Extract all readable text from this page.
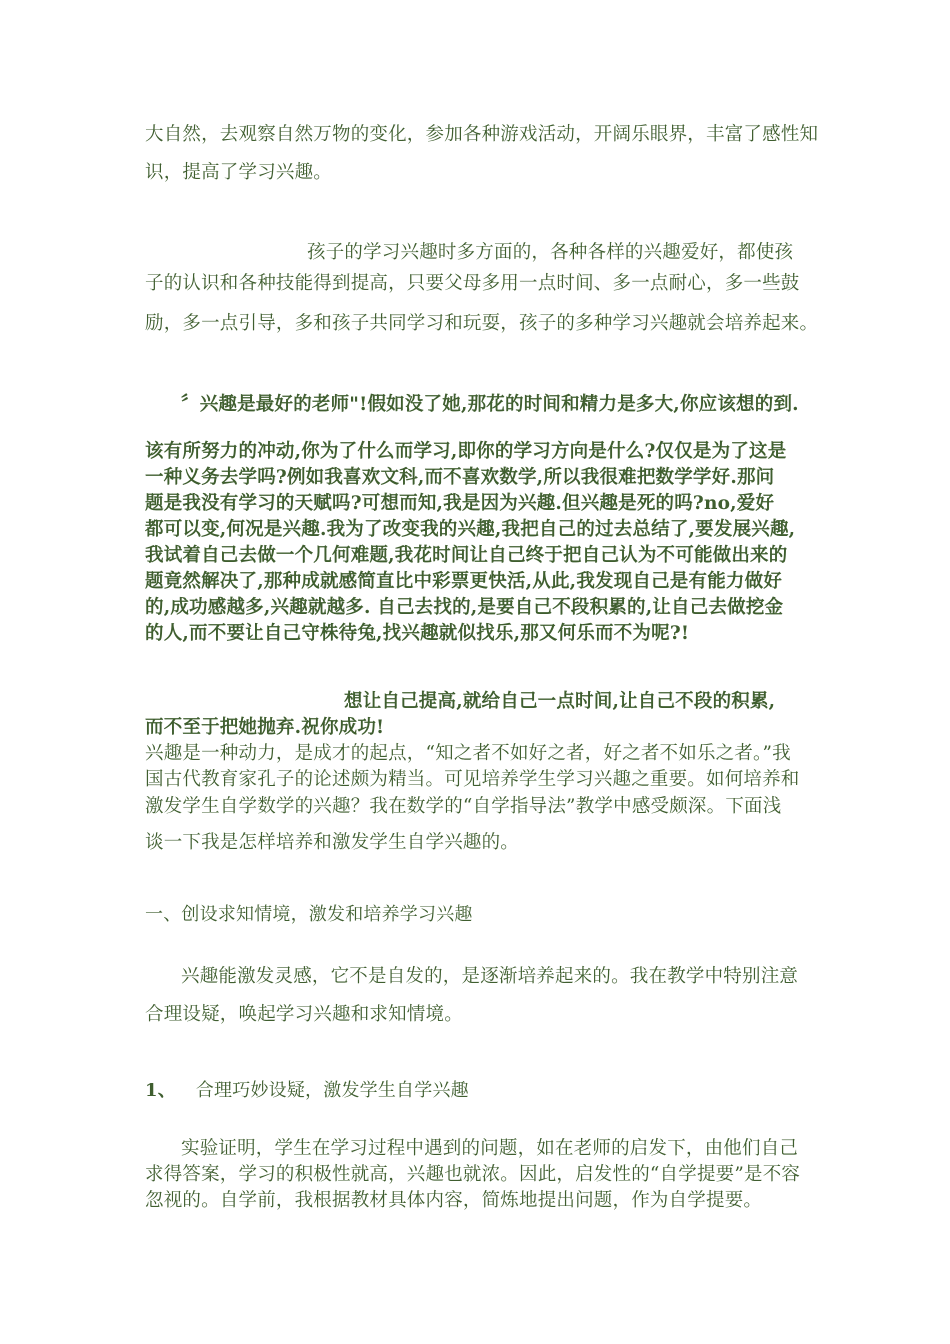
大自然，去观察自然万物的变化，参加各种游戏活动，开阔乐眼界，丰富了感性知
识，提高了学习兴趣。
孩子的学习兴趣时多方面的，各种各样的兴趣爱好，都使孩
子的认识和各种技能得到提高，只要父母多用一点时间、多一点耐心，多一些鼓
励，多一点引导，多和孩子共同学习和玩耍，孩子的多种学习兴趣就会培养起来。
〞兴趣是最好的老师"!假如没了她,那花的时间和精力是多大,你应该想的到.
该有所努力的冲动,你为了什么而学习,即你的学习方向是什么?仅仅是为了这是
一种义务去学吗?例如我喜欢文科,而不喜欢数学,所以我很难把数学学好.那问
题是我没有学习的天赋吗?可想而知,我是因为兴趣.但兴趣是死的吗?no,爱好
都可以变,何况是兴趣.我为了改变我的兴趣,我把自己的过去总结了,要发展兴趣,
我试着自己去做一个几何难题,我花时间让自己终于把自己认为不可能做出来的
题竟然解决了,那种成就感简直比中彩票更快活,从此,我发现自己是有能力做好
的,成功感越多,兴趣就越多. 自己去找的,是要自己不段积累的,让自己去做挖金
的人,而不要让自己守株待兔,找兴趣就似找乐,那又何乐而不为呢?!
想让自己提高,就给自己一点时间,让自己不段的积累,
而不至于把她抛弃.祝你成功!
兴趣是一种动力，是成才的起点，“知之者不如好之者，好之者不如乐之者。”我
国古代教育家孔子的论述颇为精当。可见培养学生学习兴趣之重要。如何培养和
激发学生自学数学的兴趣？我在数学的“自学指导法”教学中感受颇深。下面浅
谈一下我是怎样培养和激发学生自学兴趣的。
一、创设求知情境，激发和培养学习兴趣
兴趣能激发灵感，它不是自发的，是逐渐培养起来的。我在教学中特别注意
合理设疑，唤起学习兴趣和求知情境。
1、 合理巧妙设疑，激发学生自学兴趣
实验证明，学生在学习过程中遇到的问题，如在老师的启发下，由他们自己
求得答案，学习的积极性就高，兴趣也就浓。因此，启发性的“自学提要”是不容
忽视的。自学前，我根据教材具体内容，简炼地提出问题，作为自学提要。
